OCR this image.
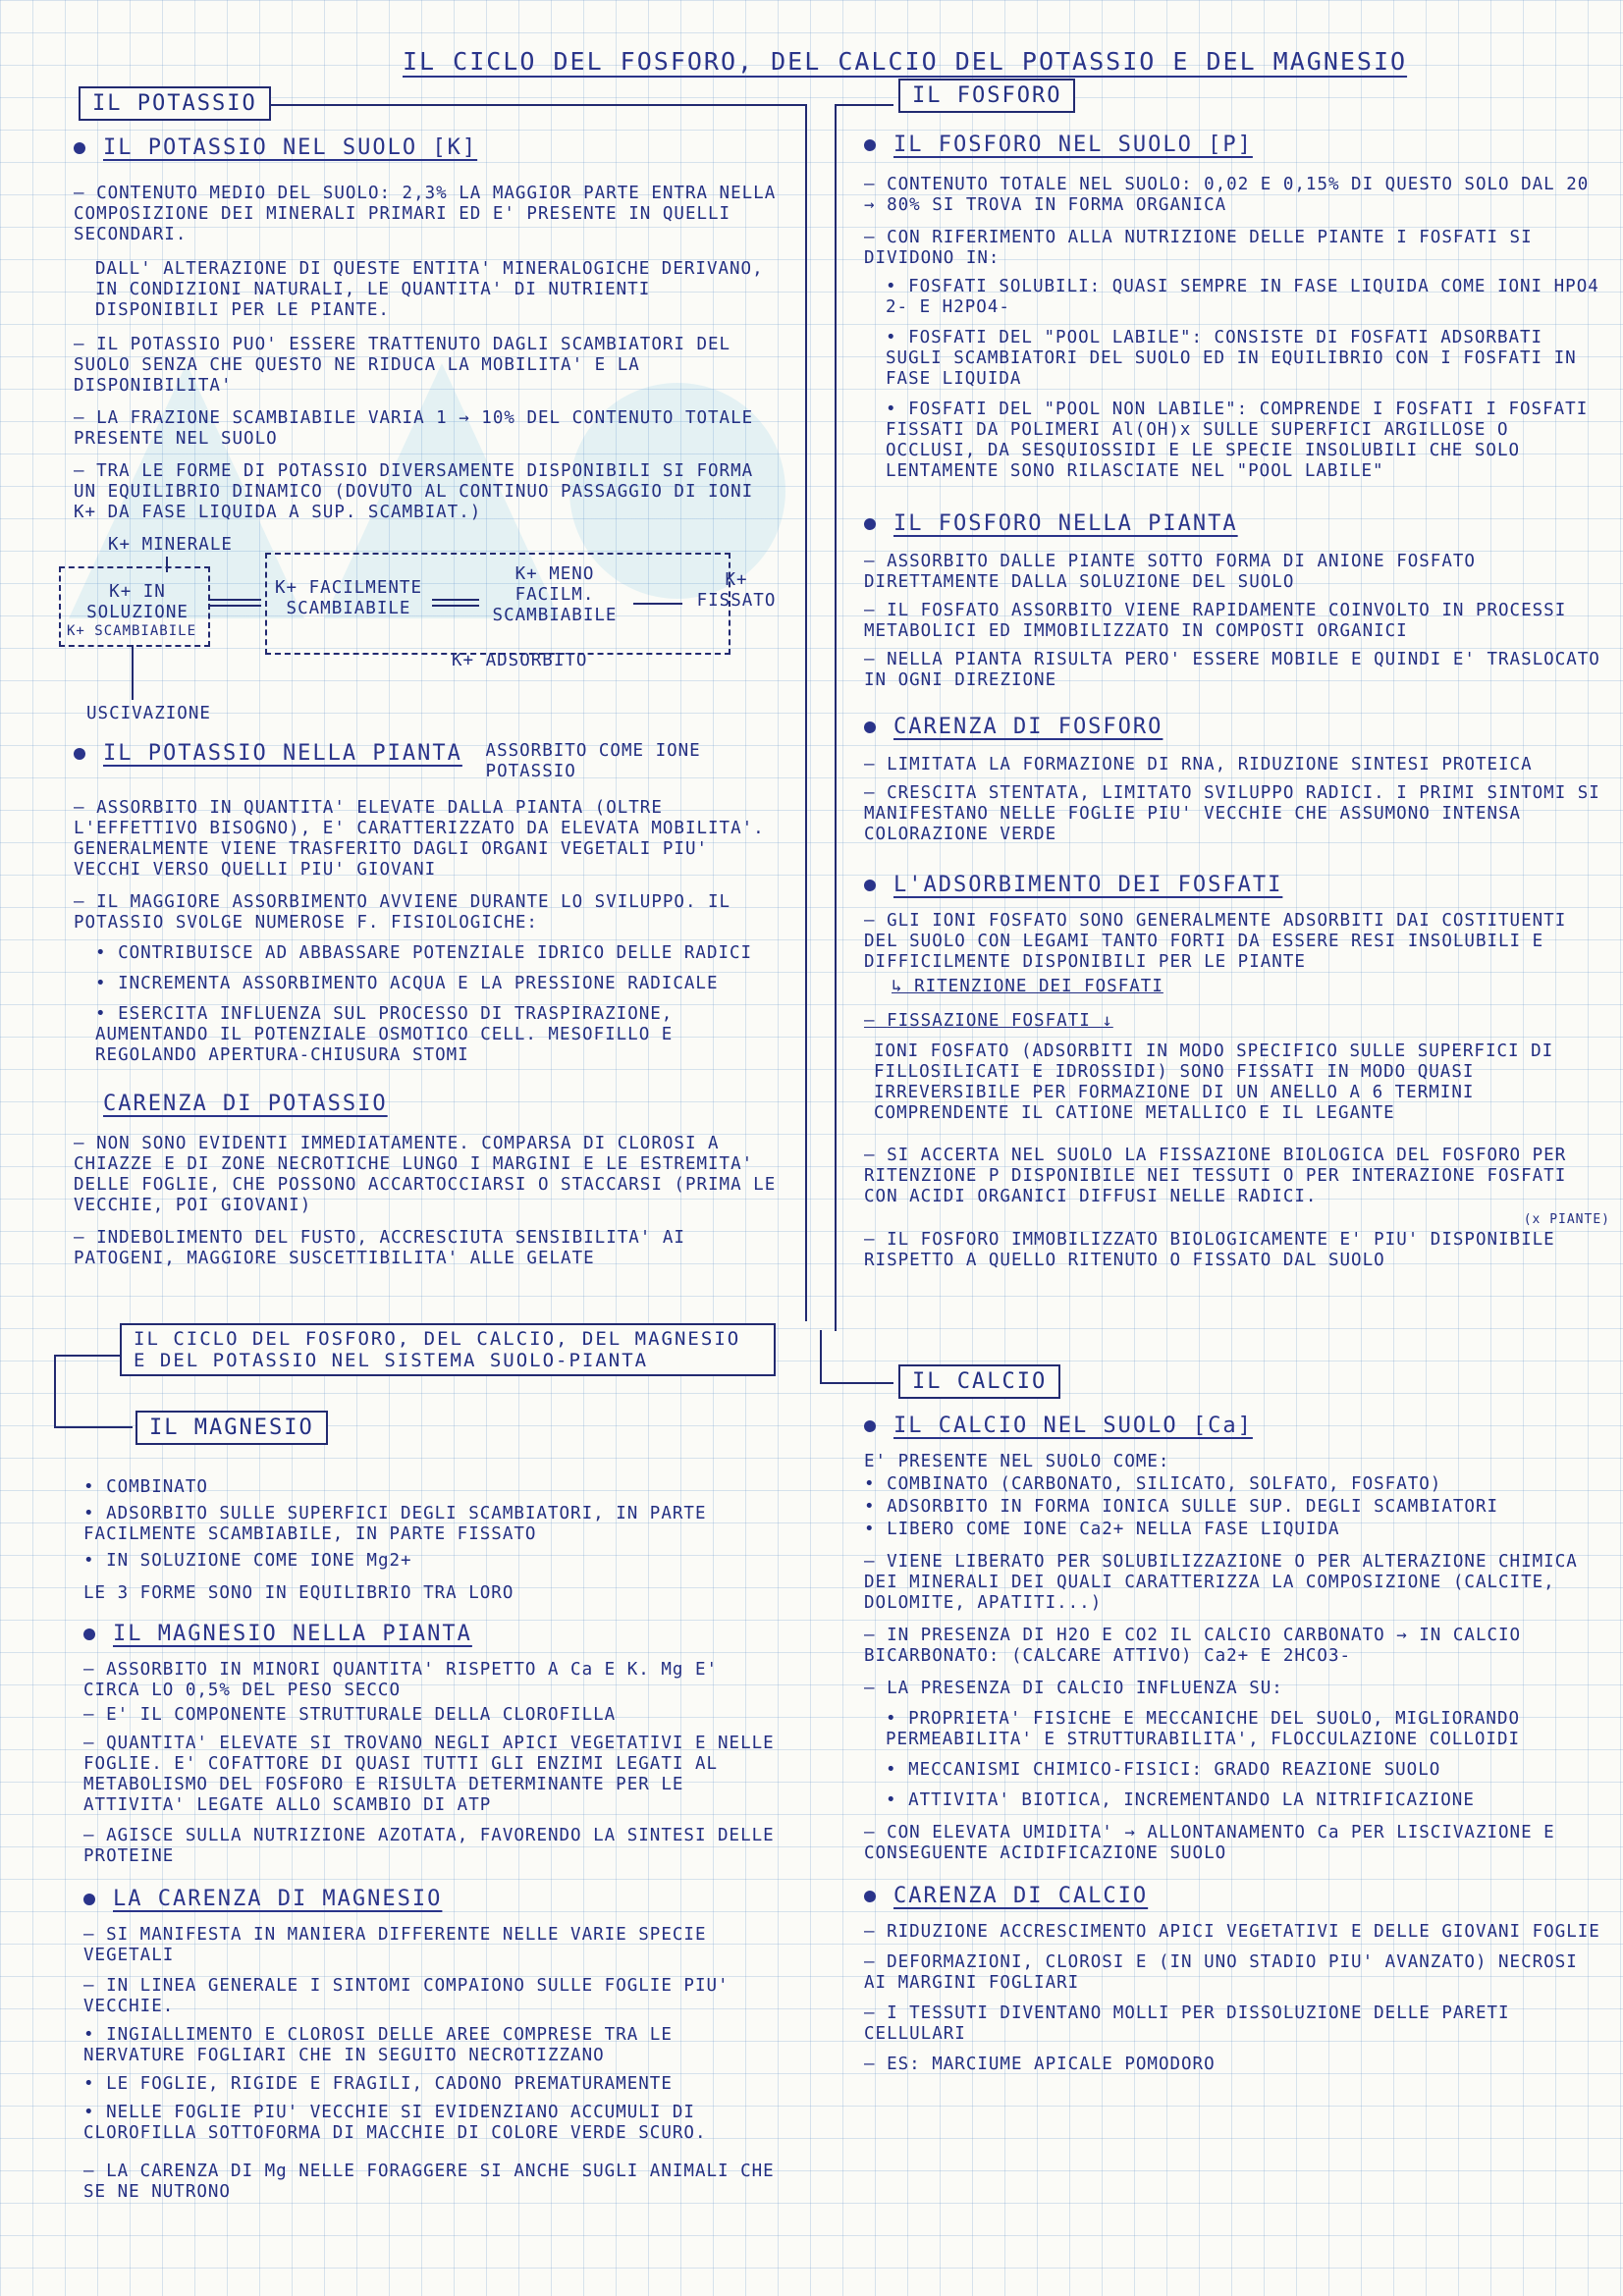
IL CICLO DEL FOSFORO, DEL CALCIO DEL POTASSIO E DEL MAGNESIO
IL POTASSIO	IL FOSFORO
IL CALCIO
IL MAGNESIO
IL CICLO DEL FOSFORO, DEL CALCIO, DEL MAGNESIO E DEL POTASSIO NEL SISTEMA SUOLO-PIANTA

IL POTASSIO NEL SUOLO [K]

– CONTENUTO MEDIO DEL SUOLO: 2,3% LA MAGGIOR PARTE ENTRA NELLA COMPOSIZIONE DEI MINERALI PRIMARI ED E' PRESENTE IN QUELLI SECONDARI.

DALL' ALTERAZIONE DI QUESTE ENTITA' MINERALOGICHE DERIVANO, IN CONDIZIONI NATURALI, LE QUANTITA' DI NUTRIENTI DISPONIBILI PER LE PIANTE.

– IL POTASSIO PUO' ESSERE TRATTENUTO DAGLI SCAMBIATORI DEL SUOLO SENZA CHE QUESTO NE RIDUCA LA MOBILITA' E LA DISPONIBILITA'

– LA FRAZIONE SCAMBIABILE VARIA 1 → 10% DEL CONTENUTO TOTALE PRESENTE NEL SUOLO

– TRA LE FORME DI POTASSIO DIVERSAMENTE DISPONIBILI SI FORMA UN EQUILIBRIO DINAMICO (DOVUTO AL CONTINUO PASSAGGIO DI IONI K+ DA FASE LIQUIDA A SUP. SCAMBIAT.)

K+ MINERALE
K+ IN SOLUZIONE
K+ SCAMBIABILE
K+ FACILMENTE SCAMBIABILE
K+ MENO FACILM. SCAMBIABILE
K+ FISSATO
K+ ADSORBITO
USCIVAZIONE

IL POTASSIO NELLA PIANTA ASSORBITO COME IONE POTASSIO

– ASSORBITO IN QUANTITA' ELEVATE DALLA PIANTA (OLTRE L'EFFETTIVO BISOGNO), E' CARATTERIZZATO DA ELEVATA MOBILITA'. GENERALMENTE VIENE TRASFERITO DAGLI ORGANI VEGETALI PIU' VECCHI VERSO QUELLI PIU' GIOVANI

– IL MAGGIORE ASSORBIMENTO AVVIENE DURANTE LO SVILUPPO. IL POTASSIO SVOLGE NUMEROSE F. FISIOLOGICHE:

• CONTRIBUISCE AD ABBASSARE POTENZIALE IDRICO DELLE RADICI

• INCREMENTA ASSORBIMENTO ACQUA E LA PRESSIONE RADICALE

• ESERCITA INFLUENZA SUL PROCESSO DI TRASPIRAZIONE, AUMENTANDO IL POTENZIALE OSMOTICO CELL. MESOFILLO E REGOLANDO APERTURA-CHIUSURA STOMI

CARENZA DI POTASSIO

– NON SONO EVIDENTI IMMEDIATAMENTE. COMPARSA DI CLOROSI A CHIAZZE E DI ZONE NECROTICHE LUNGO I MARGINI E LE ESTREMITA' DELLE FOGLIE, CHE POSSONO ACCARTOCCIARSI O STACCARSI (PRIMA LE VECCHIE, POI GIOVANI)

– INDEBOLIMENTO DEL FUSTO, ACCRESCIUTA SENSIBILITA' AI PATOGENI, MAGGIORE SUSCETTIBILITA' ALLE GELATE

• COMBINATO

• ADSORBITO SULLE SUPERFICI DEGLI SCAMBIATORI, IN PARTE FACILMENTE SCAMBIABILE, IN PARTE FISSATO

• IN SOLUZIONE COME IONE Mg2+

LE 3 FORME SONO IN EQUILIBRIO TRA LORO

IL MAGNESIO NELLA PIANTA

– ASSORBITO IN MINORI QUANTITA' RISPETTO A Ca E K. Mg E' CIRCA LO 0,5% DEL PESO SECCO

– E' IL COMPONENTE STRUTTURALE DELLA CLOROFILLA

– QUANTITA' ELEVATE SI TROVANO NEGLI APICI VEGETATIVI E NELLE FOGLIE. E' COFATTORE DI QUASI TUTTI GLI ENZIMI LEGATI AL METABOLISMO DEL FOSFORO E RISULTA DETERMINANTE PER LE ATTIVITA' LEGATE ALLO SCAMBIO DI ATP

– AGISCE SULLA NUTRIZIONE AZOTATA, FAVORENDO LA SINTESI DELLE PROTEINE

LA CARENZA DI MAGNESIO

– SI MANIFESTA IN MANIERA DIFFERENTE NELLE VARIE SPECIE VEGETALI

– IN LINEA GENERALE I SINTOMI COMPAIONO SULLE FOGLIE PIU' VECCHIE.

• INGIALLIMENTO E CLOROSI DELLE AREE COMPRESE TRA LE NERVATURE FOGLIARI CHE IN SEGUITO NECROTIZZANO

• LE FOGLIE, RIGIDE E FRAGILI, CADONO PREMATURAMENTE

• NELLE FOGLIE PIU' VECCHIE SI EVIDENZIANO ACCUMULI DI CLOROFILLA SOTTOFORMA DI MACCHIE DI COLORE VERDE SCURO.

– LA CARENZA DI Mg NELLE FORAGGERE SI ANCHE SUGLI ANIMALI CHE SE NE NUTRONO

IL FOSFORO NEL SUOLO [P]

– CONTENUTO TOTALE NEL SUOLO: 0,02 E 0,15% DI QUESTO SOLO DAL 20 → 80% SI TROVA IN FORMA ORGANICA

– CON RIFERIMENTO ALLA NUTRIZIONE DELLE PIANTE I FOSFATI SI DIVIDONO IN:

• FOSFATI SOLUBILI: QUASI SEMPRE IN FASE LIQUIDA COME IONI HPO4 2- E H2PO4-

• FOSFATI DEL "POOL LABILE": CONSISTE DI FOSFATI ADSORBATI SUGLI SCAMBIATORI DEL SUOLO ED IN EQUILIBRIO CON I FOSFATI IN FASE LIQUIDA

• FOSFATI DEL "POOL NON LABILE": COMPRENDE I FOSFATI I FOSFATI FISSATI DA POLIMERI Al(OH)x SULLE SUPERFICI ARGILLOSE O OCCLUSI, DA SESQUIOSSIDI E LE SPECIE INSOLUBILI CHE SOLO LENTAMENTE SONO RILASCIATE NEL "POOL LABILE"

IL FOSFORO NELLA PIANTA

– ASSORBITO DALLE PIANTE SOTTO FORMA DI ANIONE FOSFATO DIRETTAMENTE DALLA SOLUZIONE DEL SUOLO

– IL FOSFATO ASSORBITO VIENE RAPIDAMENTE COINVOLTO IN PROCESSI METABOLICI ED IMMOBILIZZATO IN COMPOSTI ORGANICI

– NELLA PIANTA RISULTA PERO' ESSERE MOBILE E QUINDI E' TRASLOCATO IN OGNI DIREZIONE

CARENZA DI FOSFORO

– LIMITATA LA FORMAZIONE DI RNA, RIDUZIONE SINTESI PROTEICA

– CRESCITA STENTATA, LIMITATO SVILUPPO RADICI. I PRIMI SINTOMI SI MANIFESTANO NELLE FOGLIE PIU' VECCHIE CHE ASSUMONO INTENSA COLORAZIONE VERDE

L'ADSORBIMENTO DEI FOSFATI

– GLI IONI FOSFATO SONO GENERALMENTE ADSORBITI DAI COSTITUENTI DEL SUOLO CON LEGAMI TANTO FORTI DA ESSERE RESI INSOLUBILI E DIFFICILMENTE DISPONIBILI PER LE PIANTE

↳ RITENZIONE DEI FOSFATI

– FISSAZIONE FOSFATI ↓

IONI FOSFATO (ADSORBITI IN MODO SPECIFICO SULLE SUPERFICI DI FILLOSILICATI E IDROSSIDI) SONO FISSATI IN MODO QUASI IRREVERSIBILE PER FORMAZIONE DI UN ANELLO A 6 TERMINI COMPRENDENTE IL CATIONE METALLICO E IL LEGANTE

– SI ACCERTA NEL SUOLO LA FISSAZIONE BIOLOGICA DEL FOSFORO PER RITENZIONE P DISPONIBILE NEI TESSUTI O PER INTERAZIONE FOSFATI CON ACIDI ORGANICI DIFFUSI NELLE RADICI.

(x PIANTE)

– IL FOSFORO IMMOBILIZZATO BIOLOGICAMENTE E' PIU' DISPONIBILE RISPETTO A QUELLO RITENUTO O FISSATO DAL SUOLO

IL CALCIO NEL SUOLO [Ca]

E' PRESENTE NEL SUOLO COME:

• COMBINATO (CARBONATO, SILICATO, SOLFATO, FOSFATO)

• ADSORBITO IN FORMA IONICA SULLE SUP. DEGLI SCAMBIATORI

• LIBERO COME IONE Ca2+ NELLA FASE LIQUIDA

– VIENE LIBERATO PER SOLUBILIZZAZIONE O PER ALTERAZIONE CHIMICA DEI MINERALI DEI QUALI CARATTERIZZA LA COMPOSIZIONE (CALCITE, DOLOMITE, APATITI...)

– IN PRESENZA DI H2O E CO2 IL CALCIO CARBONATO → IN CALCIO BICARBONATO: (CALCARE ATTIVO) Ca2+ E 2HCO3-

– LA PRESENZA DI CALCIO INFLUENZA SU:

• PROPRIETA' FISICHE E MECCANICHE DEL SUOLO, MIGLIORANDO PERMEABILITA' E STRUTTURABILITA', FLOCCULAZIONE COLLOIDI

• MECCANISMI CHIMICO-FISICI: GRADO REAZIONE SUOLO

• ATTIVITA' BIOTICA, INCREMENTANDO LA NITRIFICAZIONE

– CON ELEVATA UMIDITA' → ALLONTANAMENTO Ca PER LISCIVAZIONE E CONSEGUENTE ACIDIFICAZIONE SUOLO

CARENZA DI CALCIO

– RIDUZIONE ACCRESCIMENTO APICI VEGETATIVI E DELLE GIOVANI FOGLIE

– DEFORMAZIONI, CLOROSI E (IN UNO STADIO PIU' AVANZATO) NECROSI AI MARGINI FOGLIARI

– I TESSUTI DIVENTANO MOLLI PER DISSOLUZIONE DELLE PARETI CELLULARI

– ES: MARCIUME APICALE POMODORO
